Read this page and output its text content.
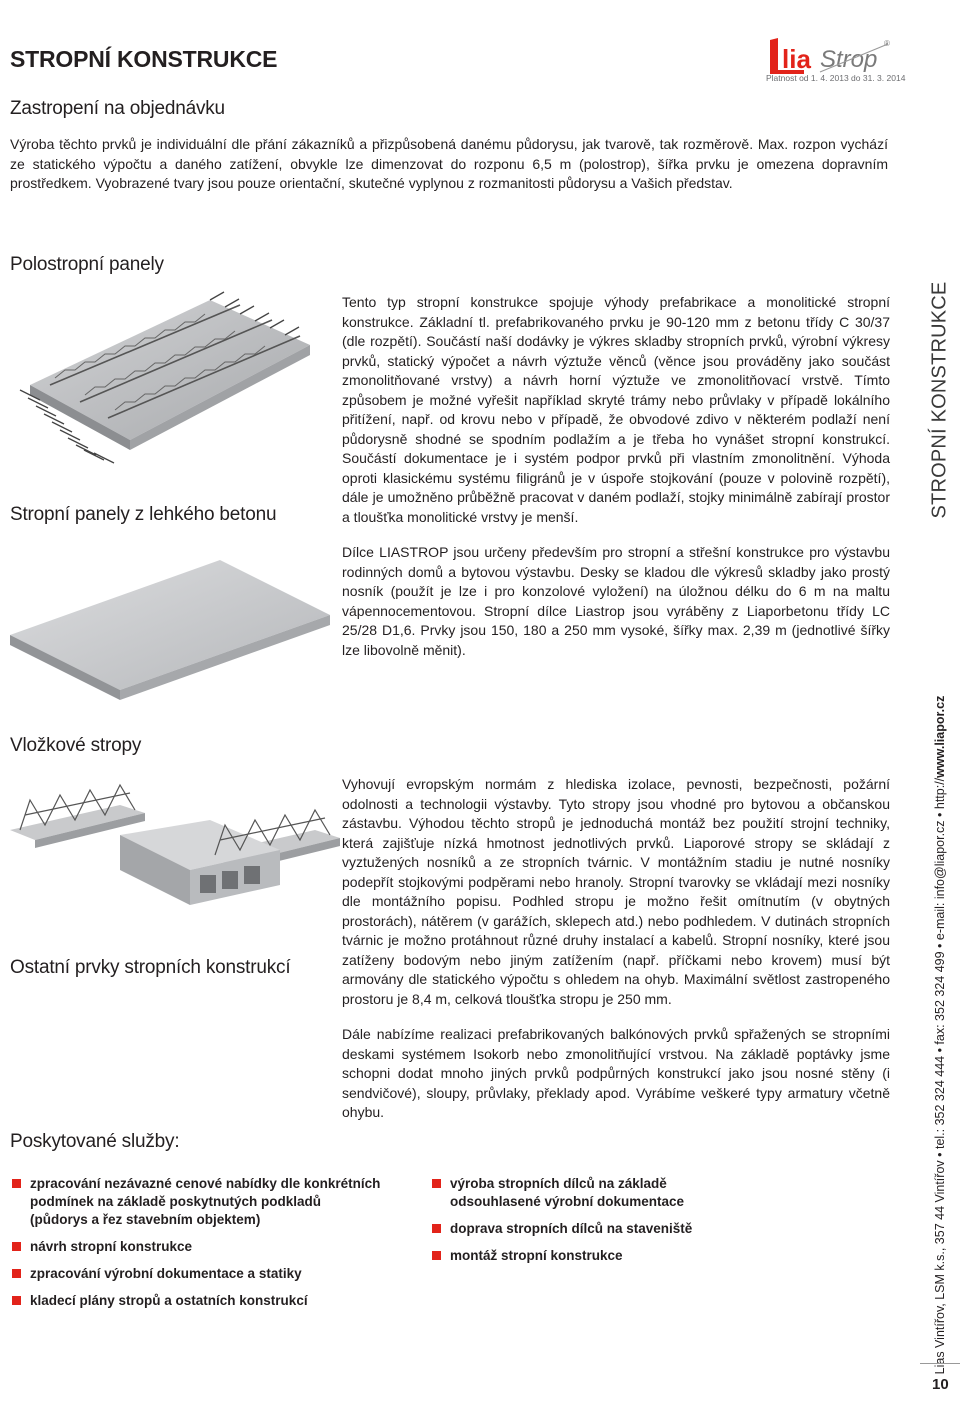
STROPNÍ KONSTRUKCE	lia Strop
®
Platnost od 1. 4. 2013 do 31. 3. 2014
Zastropení na objednávku

Výroba těchto prvků je individuální dle přání zákazníků a přizpůsobená danému půdorysu, jak tvarově, tak rozměrově. Max. rozpon vychází ze statického výpočtu a daného zatížení, obvykle lze dimenzovat do rozponu 6,5 m (polostrop), šířka prvku je omezena dopravním prostředkem. Vyobrazené tvary jsou pouze orientační, skutečné vyplynou z rozmanitosti půdorysu a Vašich představ.

Polostropní panely

Tento typ stropní konstrukce spojuje výhody prefabrikace a monolitické stropní konstrukce. Základní tl. prefabrikovaného prvku je 90-120 mm z betonu třídy C 30/37 (dle rozpětí). Součástí naší dodávky je výkres skladby stropních prvků, výrobní výkresy prvků, statický výpočet a návrh výztuže věnců (věnce jsou prováděny jako součást zmonolitňované vrstvy) a návrh horní výztuže ve zmonolitňovací vrstvě. Tímto způsobem je možné vyřešit například skryté trámy nebo průvlaky v případě lokálního přitížení, např. od krovu nebo v případě, že obvodové zdivo v některém podlaží není půdorysně shodné se spodním podlažím a je třeba ho vynášet stropní konstrukcí. Součástí dokumentace je i systém podpor prvků při vlastním zmonolitnění. Výhoda oproti klasickému systému filigránů je v úspoře stojkování (pouze v polovině rozpětí), dále je umožněno průběžně pracovat v daném podlaží, stojky minimálně zabírají prostor a tloušťka monolitické vrstvy je menší.

Stropní panely z lehkého betonu

Dílce LIASTROP jsou určeny především pro stropní a střešní konstrukce pro výstavbu rodinných domů a bytovou výstavbu. Desky se kladou dle výkresů skladby jako prostý nosník (použít je lze i pro konzolové vyložení) na úložnou délku do 6 m na maltu vápennocementovou. Stropní dílce Liastrop jsou vyráběny z Liaporbetonu třídy LC 25/28 D1,6. Prvky jsou 150, 180 a 250 mm vysoké, šířky max. 2,39 m (jednotlivé šířky lze libovolně měnit).

STROPNÍ KONSTRUKCE
Vložkové stropy

Vyhovují evropským normám z hlediska izolace, pevnosti, bezpečnosti, požární odolnosti a technologii výstavby. Tyto stropy jsou vhodné pro bytovou a občanskou zástavbu. Výhodou těchto stropů je jednoduchá montáž bez použití strojní techniky, která zajišťuje nízká hmotnost jednotlivých prvků. Liaporové stropy se skládají z vyztužených nosníků a ze stropních tvárnic. V montážním stadiu je nutné nosníky podepřít stojkovými podpěrami nebo hranoly. Stropní tvarovky se vkládají mezi nosníky dle montážního popisu. Podhled stropu je možno řešit omítnutím (v obytných prostorách), nátěrem (v garážích, sklepech atd.) nebo podhledem. V dutinách stropních tvárnic je možno protáhnout různé druhy instalací a kabelů. Stropní nosníky, které jsou zatíženy bodovým nebo jiným zatížením (např. příčkami nebo krovem) musí být armovány dle statického výpočtu s ohledem na ohyb. Maximální světlost zastropeného prostoru je 8,4 m, celková tloušťka stropu je 250 mm.

Ostatní prvky stropních konstrukcí

Dále nabízíme realizaci prefabrikovaných balkónových prvků spřažených se stropními deskami systémem Isokorb nebo zmonolitňující vrstvou. Na základě poptávky jsme schopni dodat mnoho jiných prvků podpůrných konstrukcí jako jsou nosné stěny (i sendvičové), sloupy, průvlaky, překlady apod. Vyrábíme veškeré typy armatury včetně ohybu.

Poskytované služby:
zpracování nezávazné cenové nabídky dle konkrétních podmínek na základě poskytnutých podkladů (půdorys a řez stavebním objektem)
návrh stropní konstrukce
zpracování výrobní dokumentace a statiky
kladecí plány stropů a ostatních konstrukcí
výroba stropních dílců na základě odsouhlasené výrobní dokumentace
doprava stropních dílců na staveniště
montáž stropní konstrukce	Lias Vintířov, LSM k.s., 357 44 Vintířov • tel.: 352 324 444 • fax: 352 324 499 • e-mail: info@liapor.cz • http://www.liapor.cz
10
